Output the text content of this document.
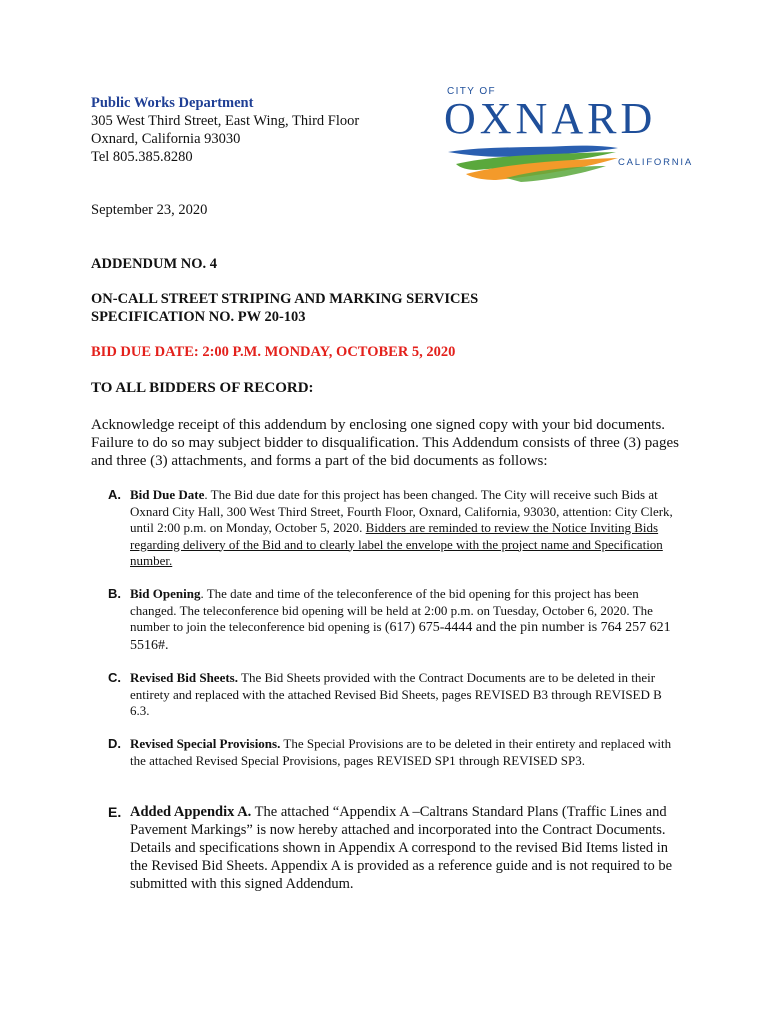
Public Works Department
305 West Third Street, East Wing, Third Floor
Oxnard, California 93030
Tel 805.385.8280
CITY OF
OXNARD
CALIFORNIA
September 23, 2020
ADDENDUM NO. 4
ON-CALL STREET STRIPING AND MARKING SERVICES
SPECIFICATION NO. PW 20-103
BID DUE DATE: 2:00 P.M. MONDAY, OCTOBER 5, 2020
TO ALL BIDDERS OF RECORD:
Acknowledge receipt of this addendum by enclosing one signed copy with your bid documents. Failure to do so may subject bidder to disqualification. This Addendum consists of three (3) pages and three (3) attachments, and forms a part of the bid documents as follows:
A. Bid Due Date. The Bid due date for this project has been changed. The City will receive such Bids at Oxnard City Hall, 300 West Third Street, Fourth Floor, Oxnard, California, 93030, attention: City Clerk, until 2:00 p.m. on Monday, October 5, 2020. Bidders are reminded to review the Notice Inviting Bids regarding delivery of the Bid and to clearly label the envelope with the project name and Specification number.
B. Bid Opening. The date and time of the teleconference of the bid opening for this project has been changed. The teleconference bid opening will be held at 2:00 p.m. on Tuesday, October 6, 2020. The number to join the teleconference bid opening is (617) 675-4444 and the pin number is 764 257 621 5516#.
C. Revised Bid Sheets. The Bid Sheets provided with the Contract Documents are to be deleted in their entirety and replaced with the attached Revised Bid Sheets, pages REVISED B3 through REVISED B 6.3.
D. Revised Special Provisions. The Special Provisions are to be deleted in their entirety and replaced with the attached Revised Special Provisions, pages REVISED SP1 through REVISED SP3.
E. Added Appendix A. The attached “Appendix A –Caltrans Standard Plans (Traffic Lines and Pavement Markings” is now hereby attached and incorporated into the Contract Documents. Details and specifications shown in Appendix A correspond to the revised Bid Items listed in the Revised Bid Sheets. Appendix A is provided as a reference guide and is not required to be submitted with this signed Addendum.
